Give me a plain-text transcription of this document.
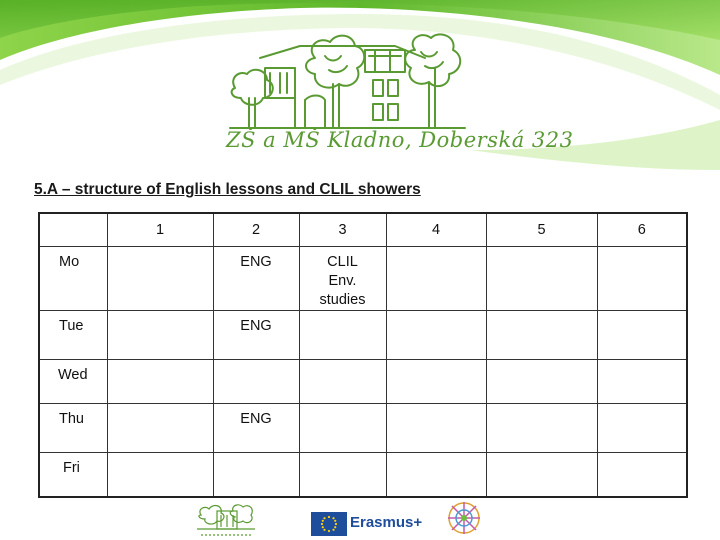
ZŠ a MŠ Kladno, Doberská 323
5.A – structure of English lessons and CLIL showers
	1	2	3	4	5	6
Mo		ENG	CLIL Env. studies			
Tue		ENG				
Wed						
Thu		ENG				
Fri						
Erasmus+
